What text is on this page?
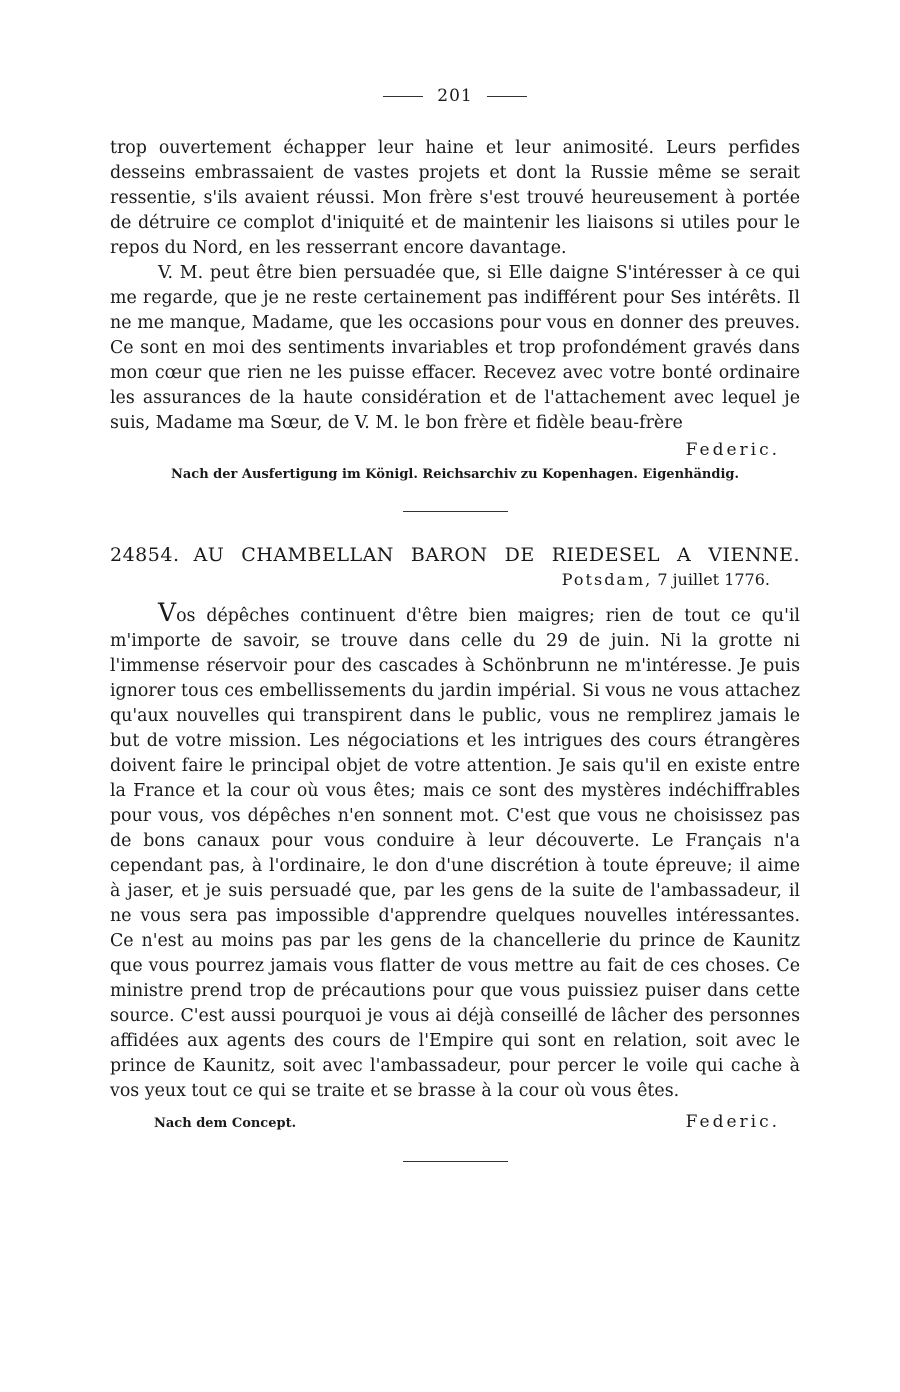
201

trop ouvertement échapper leur haine et leur animosité. Leurs perfides desseins embrassaient de vastes projets et dont la Russie même se serait ressentie, s'ils avaient réussi. Mon frère s'est trouvé heureusement à portée de détruire ce complot d'iniquité et de maintenir les liaisons si utiles pour le repos du Nord, en les resserrant encore davantage.

V. M. peut être bien persuadée que, si Elle daigne S'intéresser à ce qui me regarde, que je ne reste certainement pas indifférent pour Ses intérêts. Il ne me manque, Madame, que les occasions pour vous en donner des preuves. Ce sont en moi des sentiments invariables et trop profondément gravés dans mon cœur que rien ne les puisse effacer. Recevez avec votre bonté ordinaire les assurances de la haute considération et de l'attachement avec lequel je suis, Madame ma Sœur, de V. M. le bon frère et fidèle beau-frère

Federic.
Nach der Ausfertigung im Königl. Reichsarchiv zu Kopenhagen. Eigenhändig.
24854. AU CHAMBELLAN BARON DE RIEDESEL A VIENNE.
Potsdam, 7 juillet 1776.

Vos dépêches continuent d'être bien maigres; rien de tout ce qu'il m'importe de savoir, se trouve dans celle du 29 de juin. Ni la grotte ni l'immense réservoir pour des cascades à Schönbrunn ne m'intéresse. Je puis ignorer tous ces embellissements du jardin impérial. Si vous ne vous attachez qu'aux nouvelles qui transpirent dans le public, vous ne remplirez jamais le but de votre mission. Les négociations et les intrigues des cours étrangères doivent faire le principal objet de votre attention. Je sais qu'il en existe entre la France et la cour où vous êtes; mais ce sont des mystères indéchiffrables pour vous, vos dépêches n'en sonnent mot. C'est que vous ne choisissez pas de bons canaux pour vous conduire à leur découverte. Le Français n'a cependant pas, à l'ordinaire, le don d'une discrétion à toute épreuve; il aime à jaser, et je suis persuadé que, par les gens de la suite de l'ambassadeur, il ne vous sera pas impossible d'apprendre quelques nouvelles intéressantes. Ce n'est au moins pas par les gens de la chancellerie du prince de Kaunitz que vous pourrez jamais vous flatter de vous mettre au fait de ces choses. Ce ministre prend trop de précautions pour que vous puissiez puiser dans cette source. C'est aussi pourquoi je vous ai déjà conseillé de lâcher des personnes affidées aux agents des cours de l'Empire qui sont en relation, soit avec le prince de Kaunitz, soit avec l'ambassadeur, pour percer le voile qui cache à vos yeux tout ce qui se traite et se brasse à la cour où vous êtes.

Nach dem Concept.	Federic.
